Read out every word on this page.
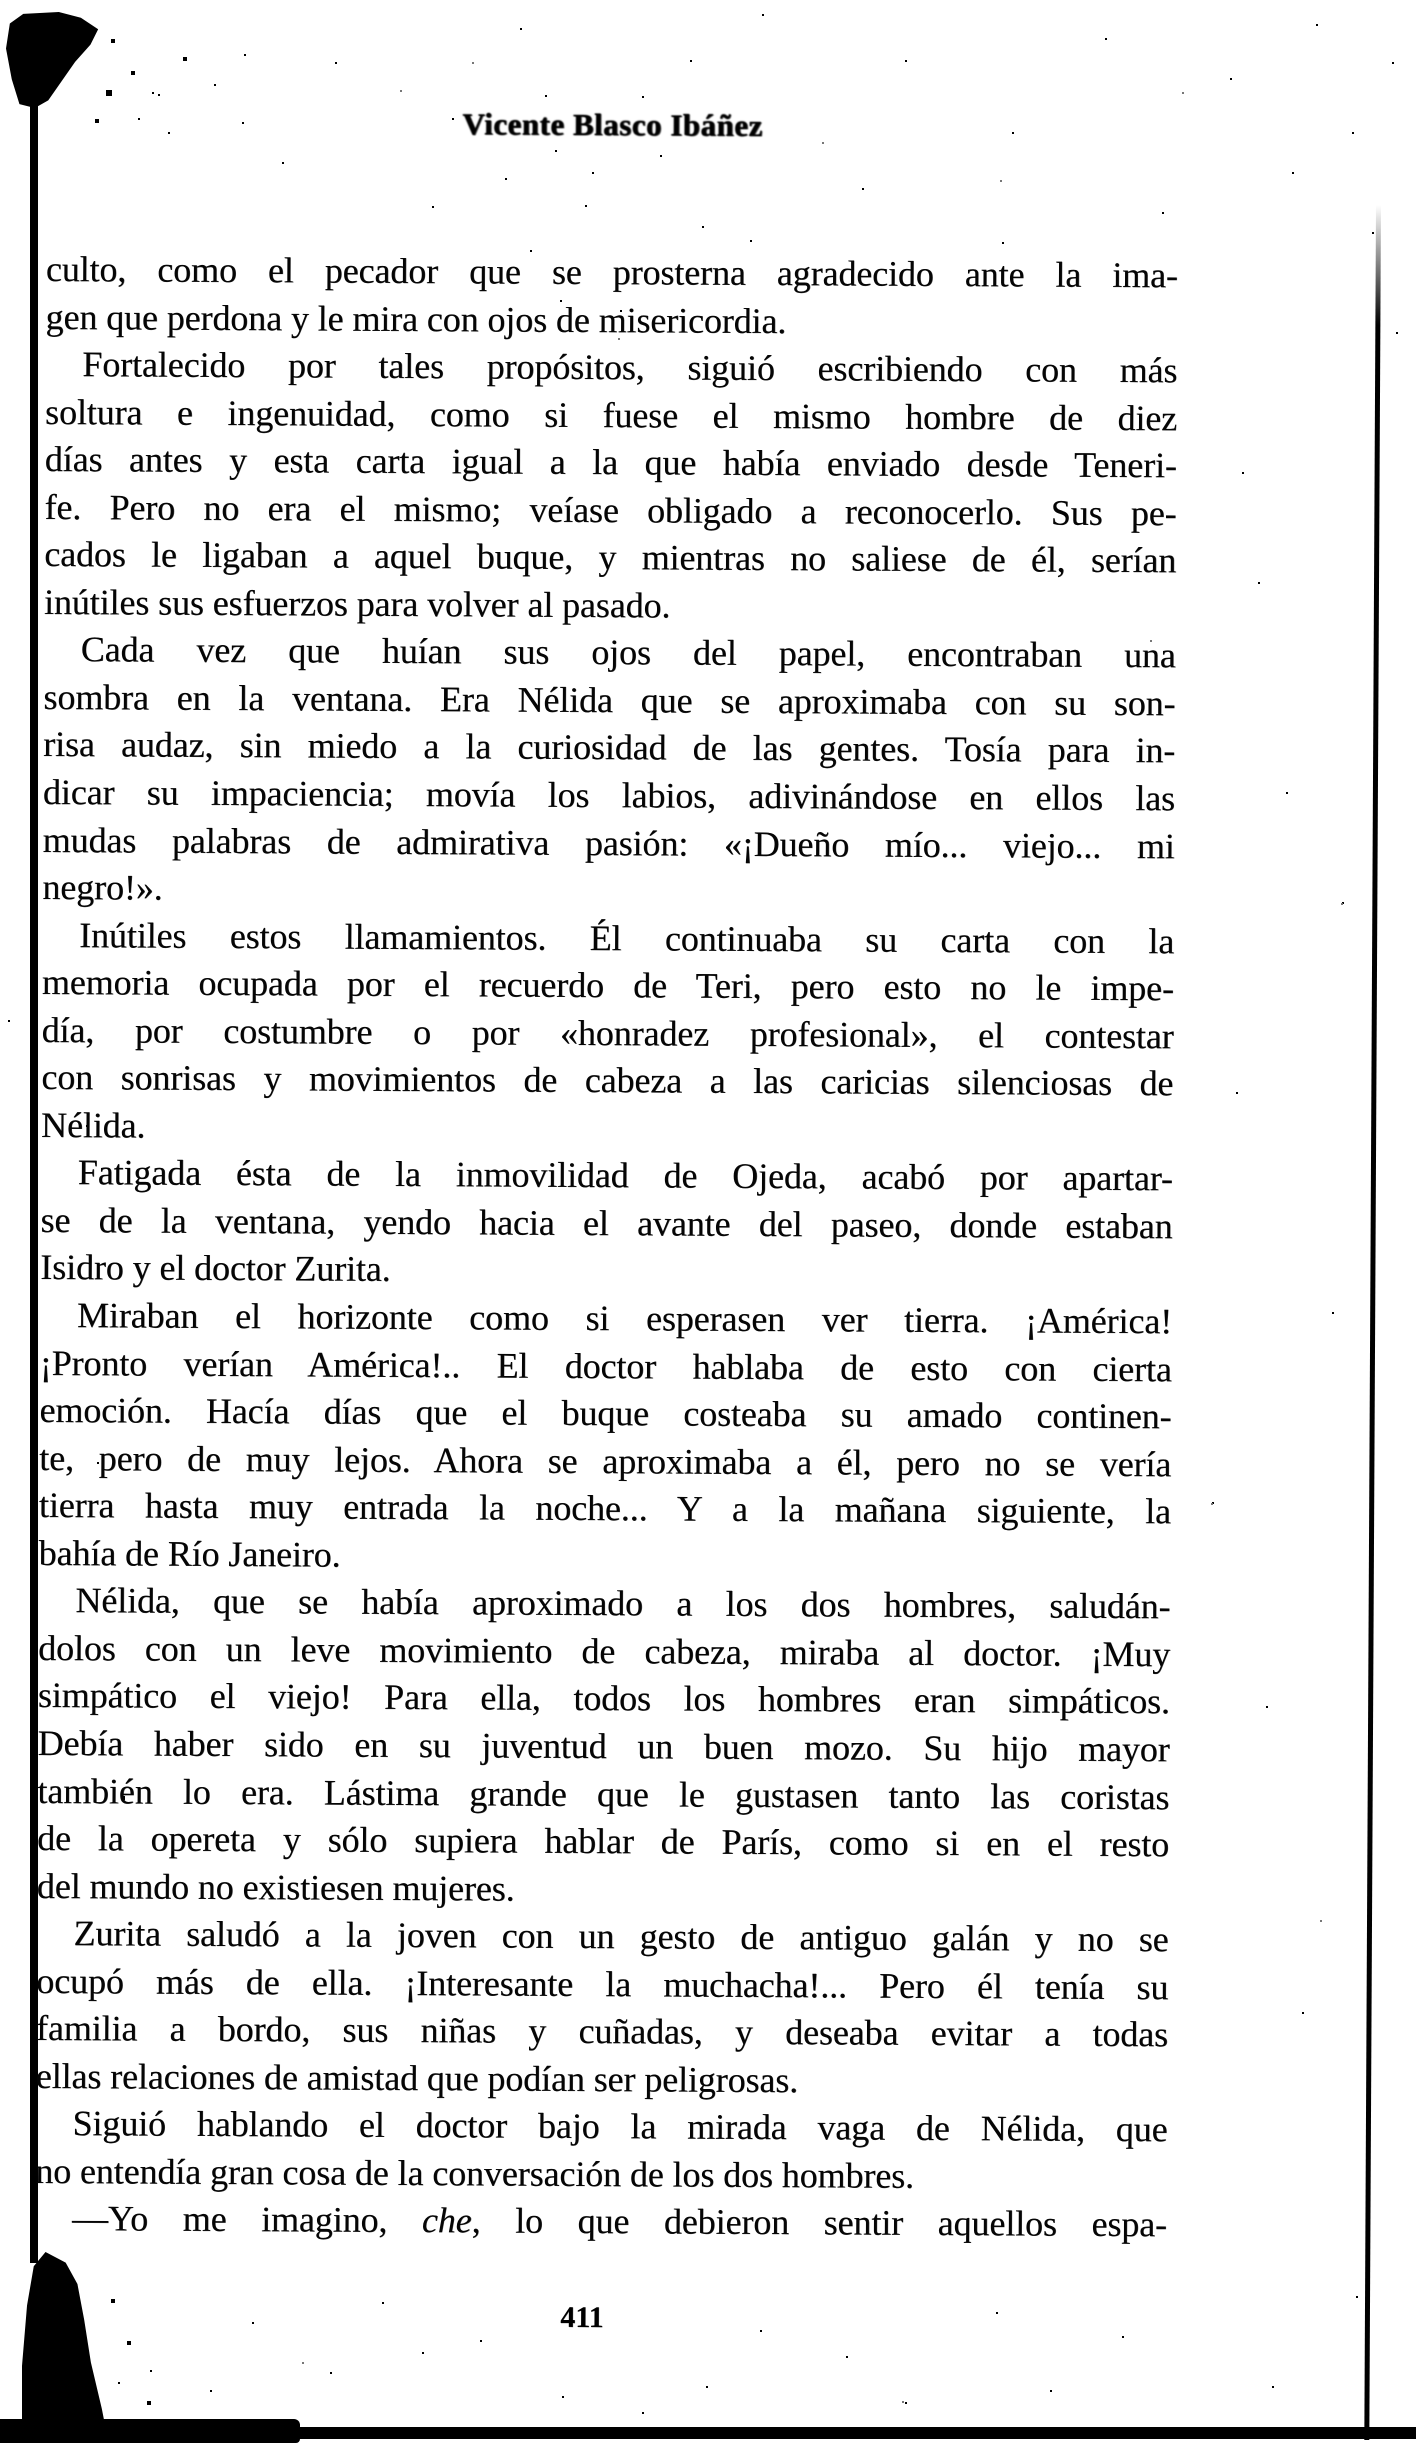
Vicente Blasco Ibáñez
culto, como el pecador que se prosterna agradecido ante la ima-
gen que perdona y le mira con ojos de misericordia.
Fortalecido por tales propósitos, siguió escribiendo con más
soltura e ingenuidad, como si fuese el mismo hombre de diez
días antes y esta carta igual a la que había enviado desde Teneri-
fe. Pero no era el mismo; veíase obligado a reconocerlo. Sus pe-
cados le ligaban a aquel buque, y mientras no saliese de él, serían
inútiles sus esfuerzos para volver al pasado.
Cada vez que huían sus ojos del papel, encontraban una
sombra en la ventana. Era Nélida que se aproximaba con su son-
risa audaz, sin miedo a la curiosidad de las gentes. Tosía para in-
dicar su impaciencia; movía los labios, adivinándose en ellos las
mudas palabras de admirativa pasión: «¡Dueño mío... viejo... mi
negro!».
Inútiles estos llamamientos. Él continuaba su carta con la
memoria ocupada por el recuerdo de Teri, pero esto no le impe-
día, por costumbre o por «honradez profesional», el contestar
con sonrisas y movimientos de cabeza a las caricias silenciosas de
Nélida.
Fatigada ésta de la inmovilidad de Ojeda, acabó por apartar-
se de la ventana, yendo hacia el avante del paseo, donde estaban
Isidro y el doctor Zurita.
Miraban el horizonte como si esperasen ver tierra. ¡América!
¡Pronto verían América!.. El doctor hablaba de esto con cierta
emoción. Hacía días que el buque costeaba su amado continen-
te, pero de muy lejos. Ahora se aproximaba a él, pero no se vería
tierra hasta muy entrada la noche... Y a la mañana siguiente, la
bahía de Río Janeiro.
Nélida, que se había aproximado a los dos hombres, saludán-
dolos con un leve movimiento de cabeza, miraba al doctor. ¡Muy
simpático el viejo! Para ella, todos los hombres eran simpáticos.
Debía haber sido en su juventud un buen mozo. Su hijo mayor
también lo era. Lástima grande que le gustasen tanto las coristas
de la opereta y sólo supiera hablar de París, como si en el resto
del mundo no existiesen mujeres.
Zurita saludó a la joven con un gesto de antiguo galán y no se
ocupó más de ella. ¡Interesante la muchacha!... Pero él tenía su
familia a bordo, sus niñas y cuñadas, y deseaba evitar a todas
ellas relaciones de amistad que podían ser peligrosas.
Siguió hablando el doctor bajo la mirada vaga de Nélida, que
no entendía gran cosa de la conversación de los dos hombres.
—Yo me imagino, che, lo que debieron sentir aquellos espa-
411
